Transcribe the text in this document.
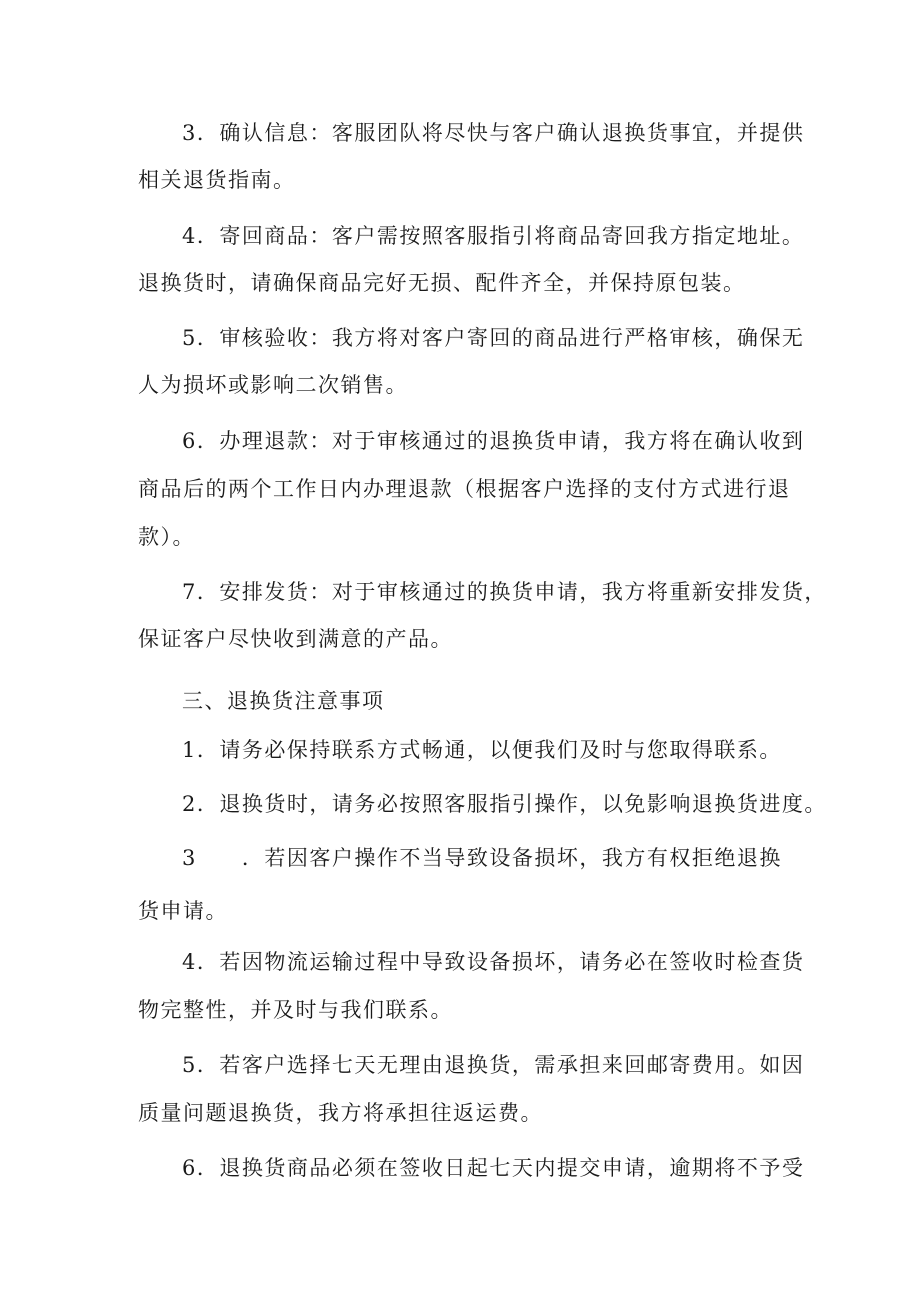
3．确认信息：客服团队将尽快与客户确认退换货事宜，并提供
相关退货指南。
4．寄回商品：客户需按照客服指引将商品寄回我方指定地址。
退换货时，请确保商品完好无损、配件齐全，并保持原包装。
5．审核验收：我方将对客户寄回的商品进行严格审核，确保无
人为损坏或影响二次销售。
6．办理退款：对于审核通过的退换货申请，我方将在确认收到
商品后的两个工作日内办理退款（根据客户选择的支付方式进行退
款）。
7．安排发货：对于审核通过的换货申请，我方将重新安排发货，
保证客户尽快收到满意的产品。
三、退换货注意事项
1．请务必保持联系方式畅通，以便我们及时与您取得联系。
2．退换货时，请务必按照客服指引操作，以免影响退换货进度。
3　　．若因客户操作不当导致设备损坏，我方有权拒绝退换
货申请。
4．若因物流运输过程中导致设备损坏，请务必在签收时检查货
物完整性，并及时与我们联系。
5．若客户选择七天无理由退换货，需承担来回邮寄费用。如因
质量问题退换货，我方将承担往返运费。
6．退换货商品必须在签收日起七天内提交申请，逾期将不予受
